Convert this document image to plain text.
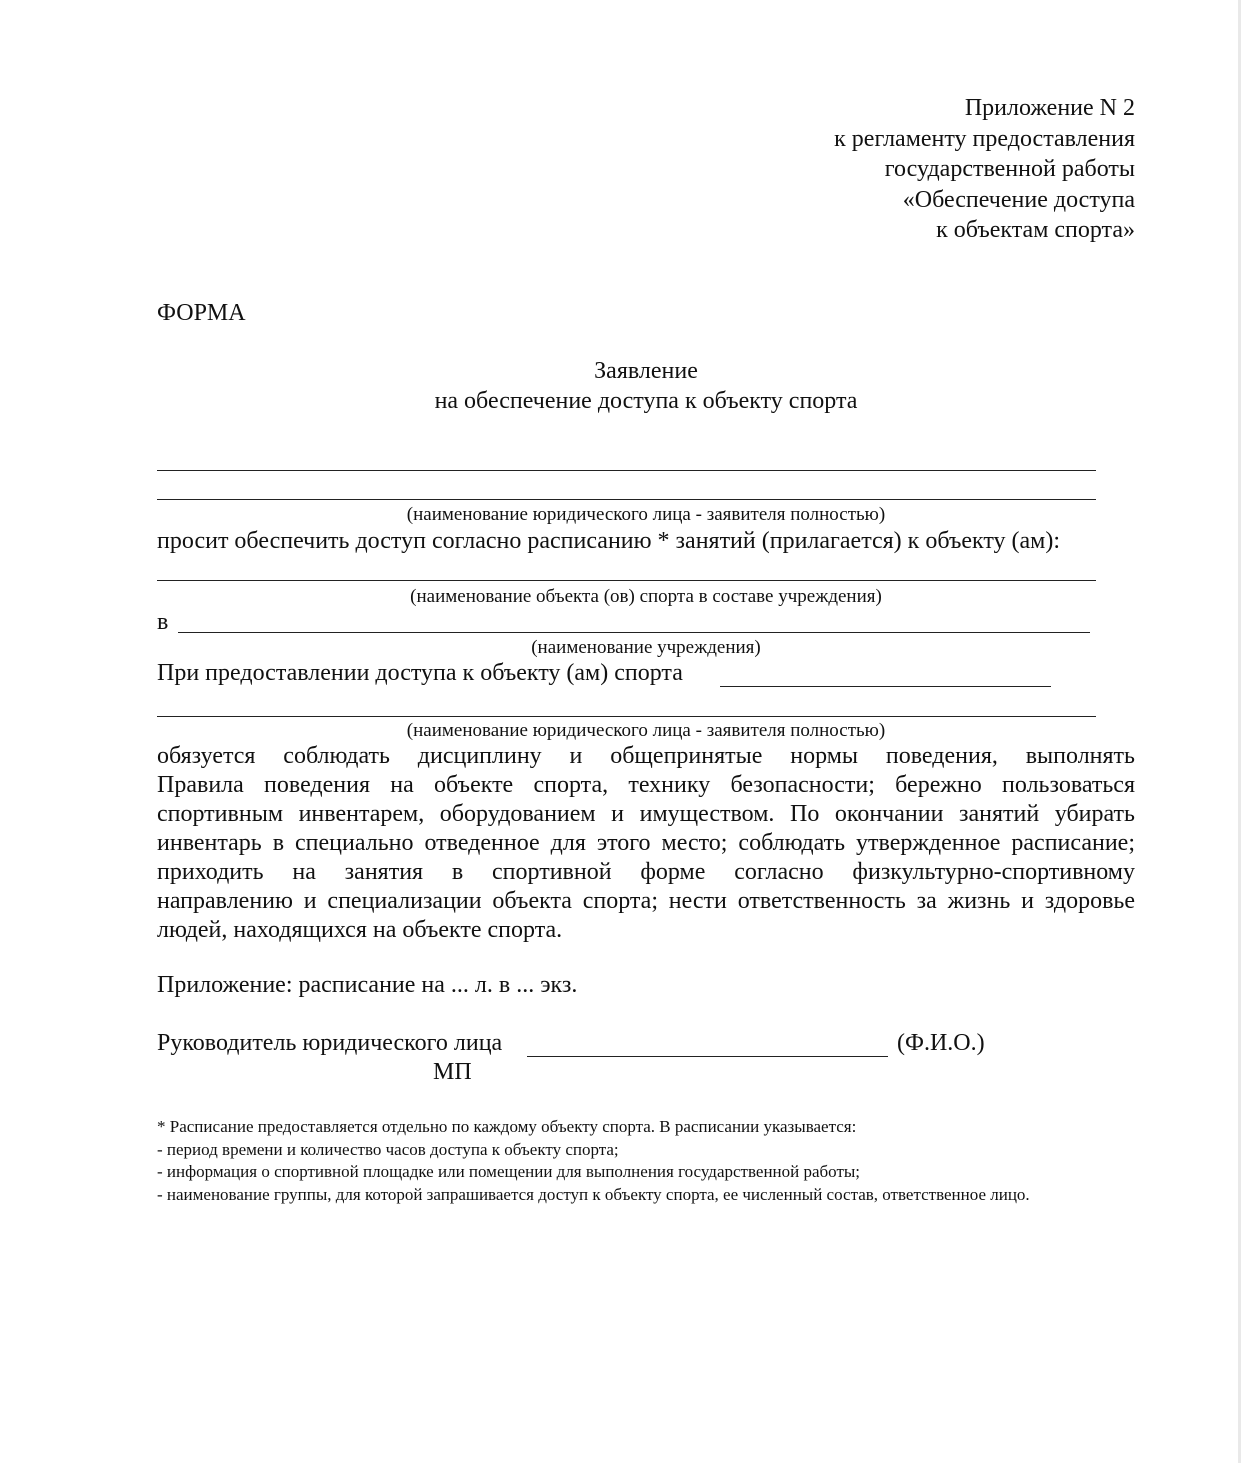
Приложение N 2
к регламенту предоставления
государственной работы
«Обеспечение доступа
к объектам спорта»
ФОРМА
Заявление
на обеспечение доступа к объекту спорта
(наименование юридического лица - заявителя полностью)
просит обеспечить доступ согласно расписанию * занятий (прилагается) к объекту (ам):
(наименование объекта (ов) спорта в составе учреждения)
в
(наименование учреждения)
При предоставлении доступа к объекту (ам) спорта
(наименование юридического лица - заявителя полностью)
обязуется соблюдать дисциплину и общепринятые нормы поведения, выполнять
Правила поведения на объекте спорта, технику безопасности; бережно пользоваться
спортивным инвентарем, оборудованием и имуществом. По окончании занятий убирать
инвентарь в специально отведенное для этого место; соблюдать утвержденное расписание;
приходить на занятия в спортивной форме согласно физкультурно-спортивному
направлению и специализации объекта спорта; нести ответственность за жизнь и здоровье
людей, находящихся на объекте спорта.
Приложение: расписание на ... л. в ... экз.
Руководитель юридического лица	(Ф.И.О.)
МП
* Расписание предоставляется отдельно по каждому объекту спорта. В расписании указывается:
- период времени и количество часов доступа к объекту спорта;
- информация о спортивной площадке или помещении для выполнения государственной работы;
- наименование группы, для которой запрашивается доступ к объекту спорта, ее численный состав, ответственное лицо.
